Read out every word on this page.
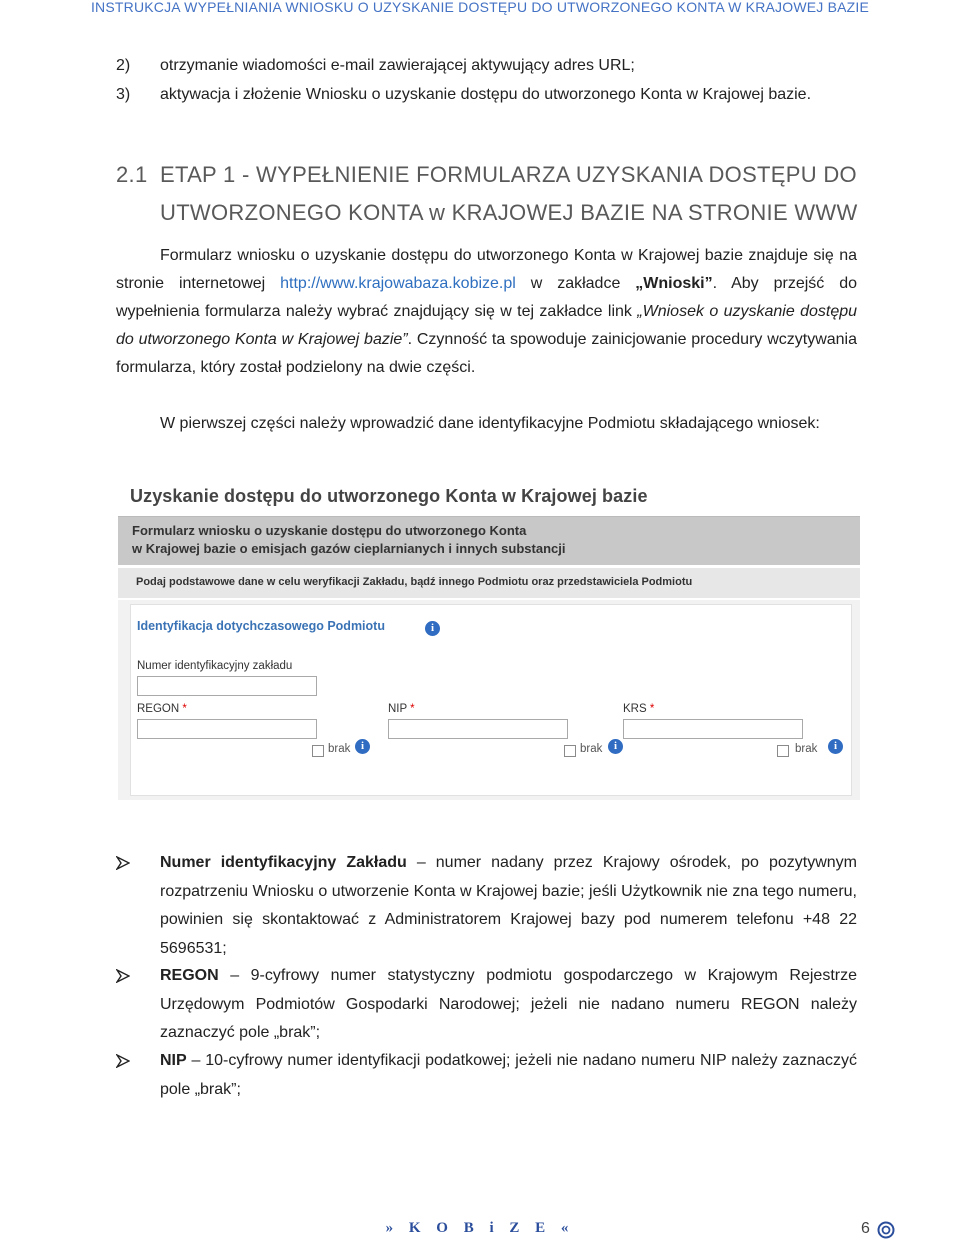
INSTRUKCJA WYPEŁNIANIA WNIOSKU O UZYSKANIE DOSTĘPU DO UTWORZONEGO KONTA W KRAJOWEJ BAZIE
2) otrzymanie wiadomości e-mail zawierającej aktywujący adres URL;
3) aktywacja i złożenie Wniosku o uzyskanie dostępu do utworzonego Konta w Krajowej bazie.
2.1 ETAP 1 - WYPEŁNIENIE FORMULARZA UZYSKANIA DOSTĘPU DO UTWORZONEGO KONTA w KRAJOWEJ BAZIE NA STRONIE WWW
Formularz wniosku o uzyskanie dostępu do utworzonego Konta w Krajowej bazie znajduje się na stronie internetowej http://www.krajowabaza.kobize.pl w zakładce „Wnioski”. Aby przejść do wypełnienia formularza należy wybrać znajdujący się w tej zakładce link „Wniosek o uzyskanie dostępu do utworzonego Konta w Krajowej bazie”. Czynność ta spowoduje zainicjowanie procedury wczytywania formularza, który został podzielony na dwie części.
W pierwszej części należy wprowadzić dane identyfikacyjne Podmiotu składającego wniosek:
Uzyskanie dostępu do utworzonego Konta w Krajowej bazie
Formularz wniosku o uzyskanie dostępu do utworzonego Konta
w Krajowej bazie o emisjach gazów cieplarnianych i innych substancji
Podaj podstawowe dane w celu weryfikacji Zakładu, bądź innego Podmiotu oraz przedstawiciela Podmiotu
Identyfikacja dotychczasowego Podmiotu	i
Numer identyfikacyjny zakładu
REGON *
brak i
NIP *
brak	i
KRS *
brak	i
Numer identyfikacyjny Zakładu – numer nadany przez Krajowy ośrodek, po pozytywnym rozpatrzeniu Wniosku o utworzenie Konta w Krajowej bazie; jeśli Użytkownik nie zna tego numeru, powinien się skontaktować z Administratorem Krajowej bazy pod numerem telefonu +48 22 5696531;
REGON – 9-cyfrowy numer statystyczny podmiotu gospodarczego w Krajowym Rejestrze Urzędowym Podmiotów Gospodarki Narodowej; jeżeli nie nadano numeru REGON należy zaznaczyć pole „brak”;
NIP – 10-cyfrowy numer identyfikacji podatkowej; jeżeli nie nadano numeru NIP należy zaznaczyć pole „brak”;
» K O B i Z E «	6
